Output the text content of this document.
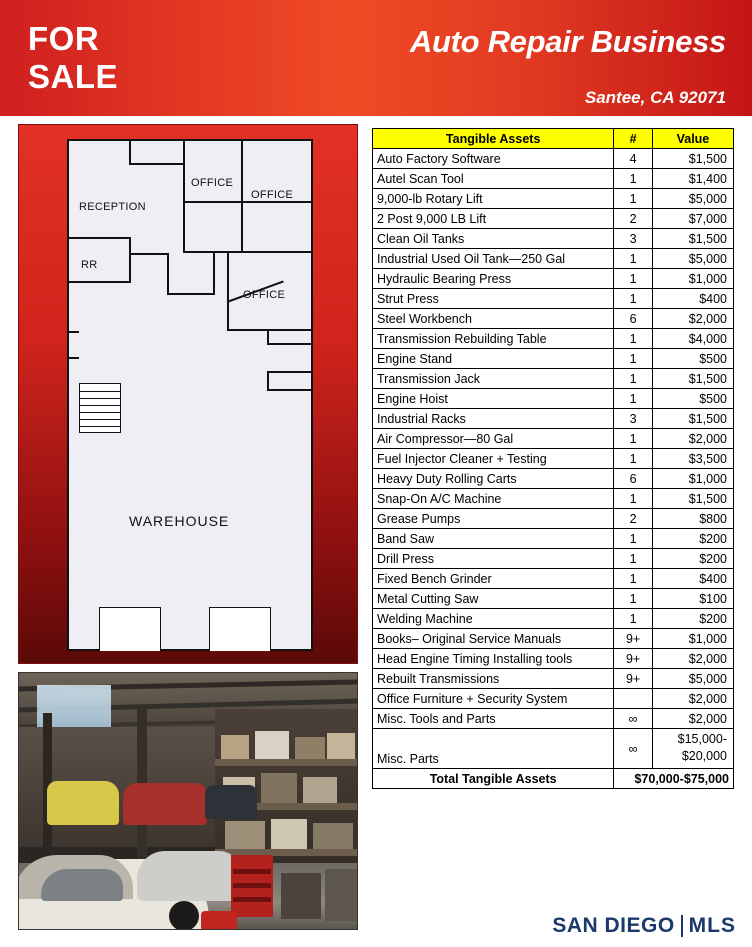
FOR
SALE
Auto Repair Business
Santee, CA 92071
RECEPTION
OFFICE
OFFICE
RR
OFFICE
WAREHOUSE
Tangible Assets	#	Value
Auto Factory Software	4	$1,500
Autel Scan Tool	1	$1,400
9,000-lb Rotary Lift	1	$5,000
2 Post 9,000 LB Lift	2	$7,000
Clean Oil Tanks	3	$1,500
Industrial Used Oil Tank—250 Gal	1	$5,000
Hydraulic Bearing Press	1	$1,000
Strut Press	1	$400
Steel Workbench	6	$2,000
Transmission Rebuilding Table	1	$4,000
Engine Stand	1	$500
Transmission Jack	1	$1,500
Engine Hoist	1	$500
Industrial Racks	3	$1,500
Air Compressor—80 Gal	1	$2,000
Fuel Injector Cleaner + Testing	1	$3,500
Heavy Duty Rolling Carts	6	$1,000
Snap-On A/C Machine	1	$1,500
Grease Pumps	2	$800
Band Saw	1	$200
Drill Press	1	$200
Fixed Bench Grinder	1	$400
Metal Cutting Saw	1	$100
Welding Machine	1	$200
Books– Original Service Manuals	9+	$1,000
Head Engine Timing Installing tools	9+	$2,000
Rebuilt Transmissions	9+	$5,000
Office Furniture + Security System		$2,000
Misc. Tools and Parts	∞	$2,000
Misc. Parts	∞	$15,000-
$20,000
Total Tangible Assets	$70,000-$75,000	
SAN DIEGO MLS
